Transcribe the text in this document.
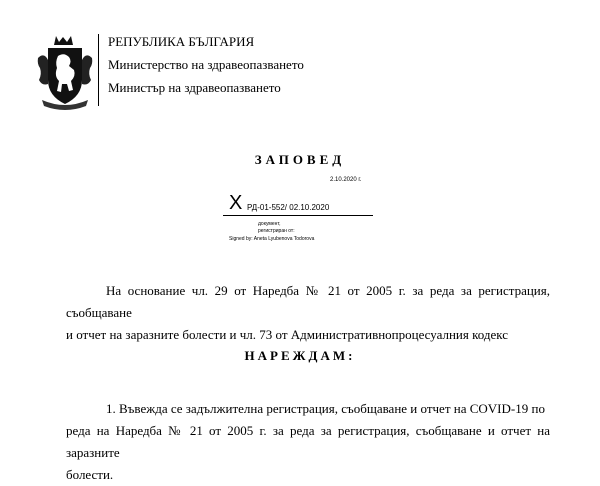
РЕПУБЛИКА БЪЛГАРИЯ
Министерство на здравеопазването
Министър на здравеопазването
ЗАПОВЕД
2.10.2020 г.
X РД-01-552/ 02.10.2020
документ,
регистриран от:
Signed by: Aneta Lyubenova Todorova
На основание чл. 29 от Наредба № 21 от 2005 г. за реда за регистрация, съобщаване
и отчет на заразните болести и чл. 73 от Административнопроцесуалния кодекс
НАРЕЖДАМ:
1. Въвежда се задължителна регистрация, съобщаване и отчет на COVID-19 по
реда на Наредба № 21 от 2005 г. за реда за регистрация, съобщаване и отчет на заразните
болести.
